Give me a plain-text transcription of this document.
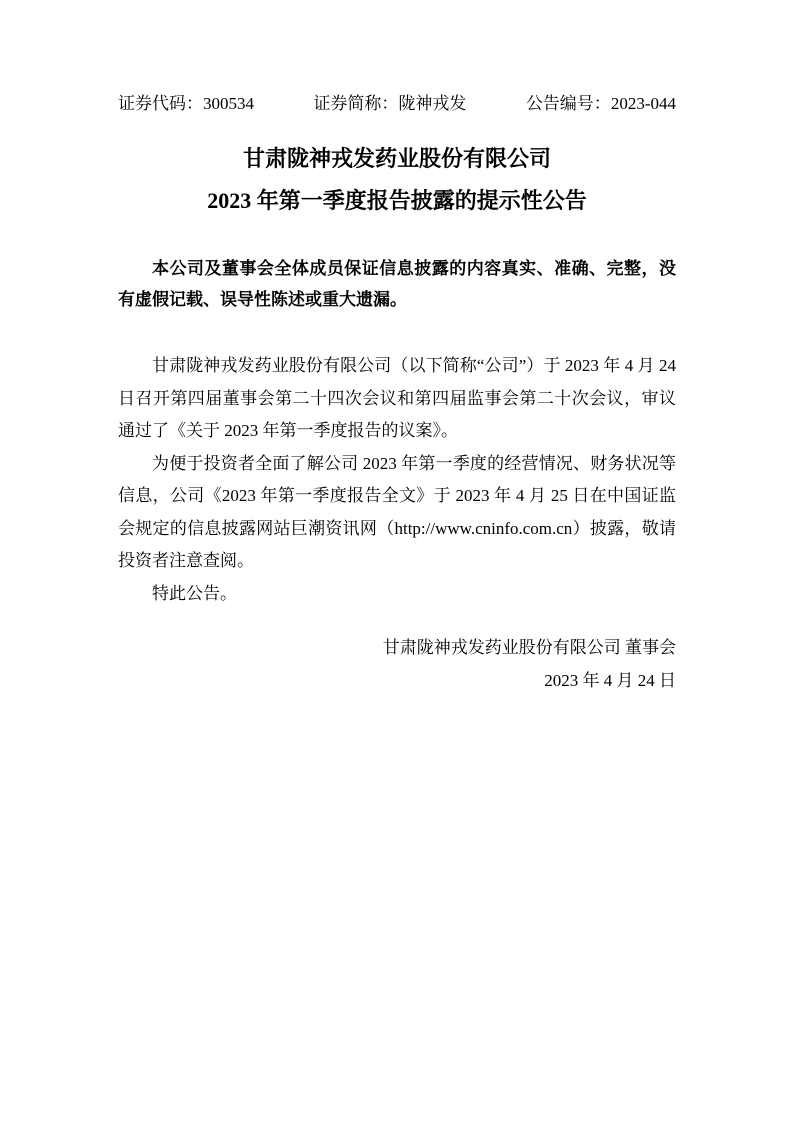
证券代码：300534	证券简称：陇神戎发	公告编号：2023-044
甘肃陇神戎发药业股份有限公司
2023 年第一季度报告披露的提示性公告

本公司及董事会全体成员保证信息披露的内容真实、准确、完整，没有虚假记载、误导性陈述或重大遗漏。

甘肃陇神戎发药业股份有限公司（以下简称“公司”）于 2023 年 4 月 24 日召开第四届董事会第二十四次会议和第四届监事会第二十次会议，审议通过了《关于 2023 年第一季度报告的议案》。

为便于投资者全面了解公司 2023 年第一季度的经营情况、财务状况等信息，公司《2023 年第一季度报告全文》于 2023 年 4 月 25 日在中国证监会规定的信息披露网站巨潮资讯网（http://www.cninfo.com.cn）披露，敬请投资者注意查阅。

特此公告。

甘肃陇神戎发药业股份有限公司 董事会
2023 年 4 月 24 日
